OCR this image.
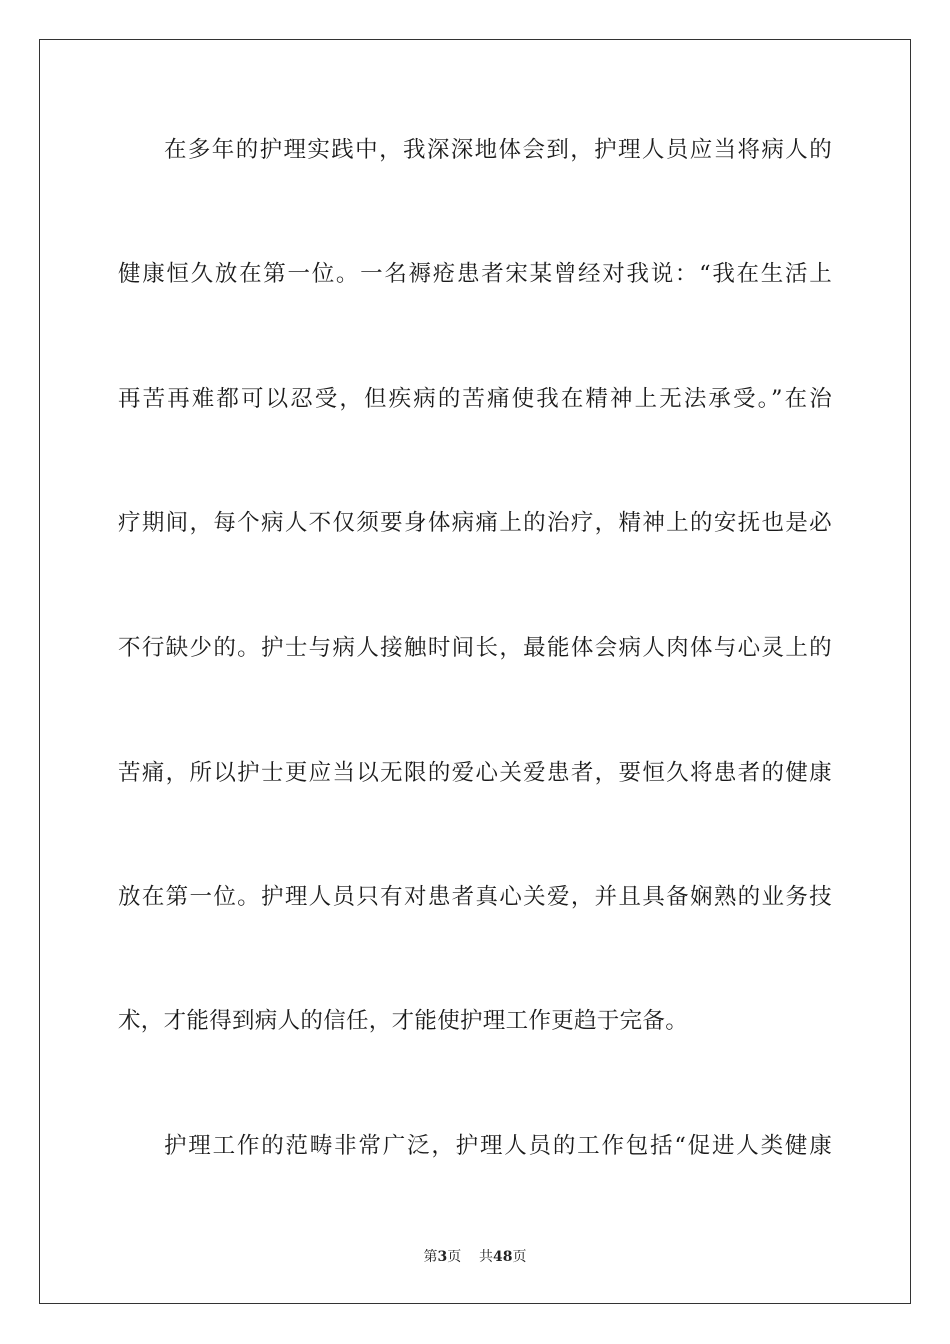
在多年的护理实践中，我深深地体会到，护理人员应当将病人的
健康恒久放在第一位。一名褥疮患者宋某曾经对我说：“我在生活上
再苦再难都可以忍受，但疾病的苦痛使我在精神上无法承受。”在治
疗期间，每个病人不仅须要身体病痛上的治疗，精神上的安抚也是必
不行缺少的。护士与病人接触时间长，最能体会病人肉体与心灵上的
苦痛，所以护士更应当以无限的爱心关爱患者，要恒久将患者的健康
放在第一位。护理人员只有对患者真心关爱，并且具备娴熟的业务技
术，才能得到病人的信任，才能使护理工作更趋于完备。
护理工作的范畴非常广泛，护理人员的工作包括“促进人类健康
第3页 共48页
